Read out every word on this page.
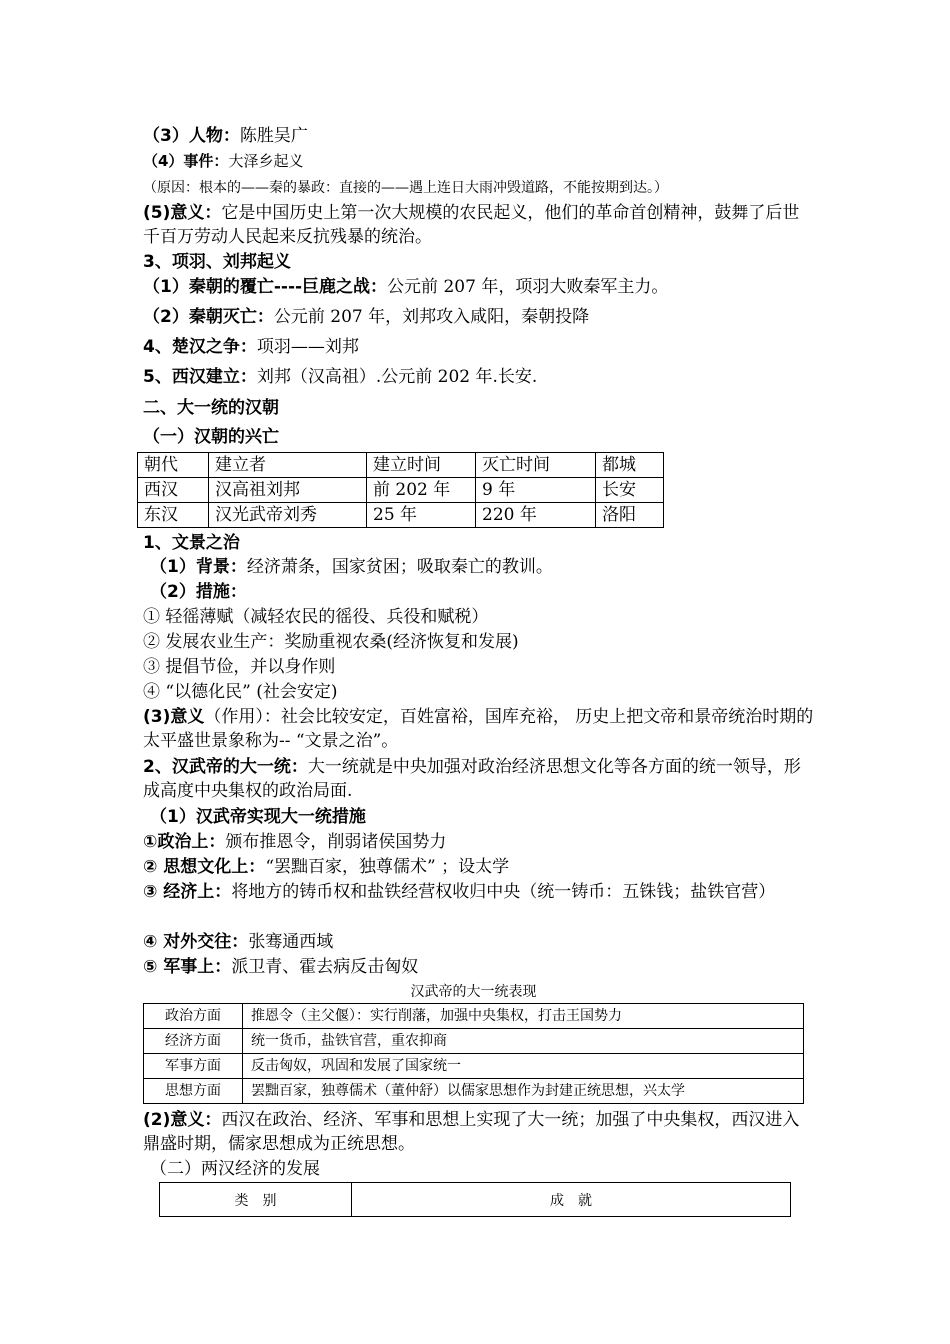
（3）人物：陈胜吴广
（4）事件：大泽乡起义
（原因：根本的——秦的暴政：直接的——遇上连日大雨冲毁道路，不能按期到达。）
(5)意义：它是中国历史上第一次大规模的农民起义，他们的革命首创精神，鼓舞了后世千百万劳动人民起来反抗残暴的统治。
3、项羽、刘邦起义
（1）秦朝的覆亡----巨鹿之战：公元前 207 年，项羽大败秦军主力。
（2）秦朝灭亡：公元前 207 年，刘邦攻入咸阳，秦朝投降
4、楚汉之争：项羽——刘邦
5、西汉建立：刘邦（汉高祖）.公元前 202 年.长安.
二、大一统的汉朝
（一）汉朝的兴亡
朝代	建立者	建立时间	灭亡时间	都城
西汉	汉高祖刘邦	前 202 年	9 年	长安
东汉	汉光武帝刘秀	25 年	220 年	洛阳
1、文景之治
（1）背景：经济萧条，国家贫困；吸取秦亡的教训。
（2）措施：
① 轻徭薄赋（减轻农民的徭役、兵役和赋税）
② 发展农业生产：奖励重视农桑(经济恢复和发展)
③ 提倡节俭，并以身作则
④ “以德化民” (社会安定)
(3)意义（作用）：社会比较安定，百姓富裕，国库充裕， 历史上把文帝和景帝统治时期的太平盛世景象称为-- “文景之治”。
2、汉武帝的大一统：大一统就是中央加强对政治经济思想文化等各方面的统一领导，形成高度中央集权的政治局面.
（1）汉武帝实现大一统措施
①政治上：颁布推恩令，削弱诸侯国势力
② 思想文化上：“罢黜百家，独尊儒术” ；设太学
③ 经济上：将地方的铸币权和盐铁经营权收归中央（统一铸币：五铢钱；盐铁官营）
④ 对外交往：张骞通西域
⑤ 军事上：派卫青、霍去病反击匈奴
汉武帝的大一统表现
政治方面	推恩令（主父偃）：实行削藩，加强中央集权，打击王国势力
经济方面	统一货币，盐铁官营，重农抑商
军事方面	反击匈奴，巩固和发展了国家统一
思想方面	罢黜百家，独尊儒术（董仲舒）以儒家思想作为封建正统思想，兴太学
(2)意义：西汉在政治、经济、军事和思想上实现了大一统；加强了中央集权，西汉进入鼎盛时期，儒家思想成为正统思想。
（二）两汉经济的发展
类　别	成　就
